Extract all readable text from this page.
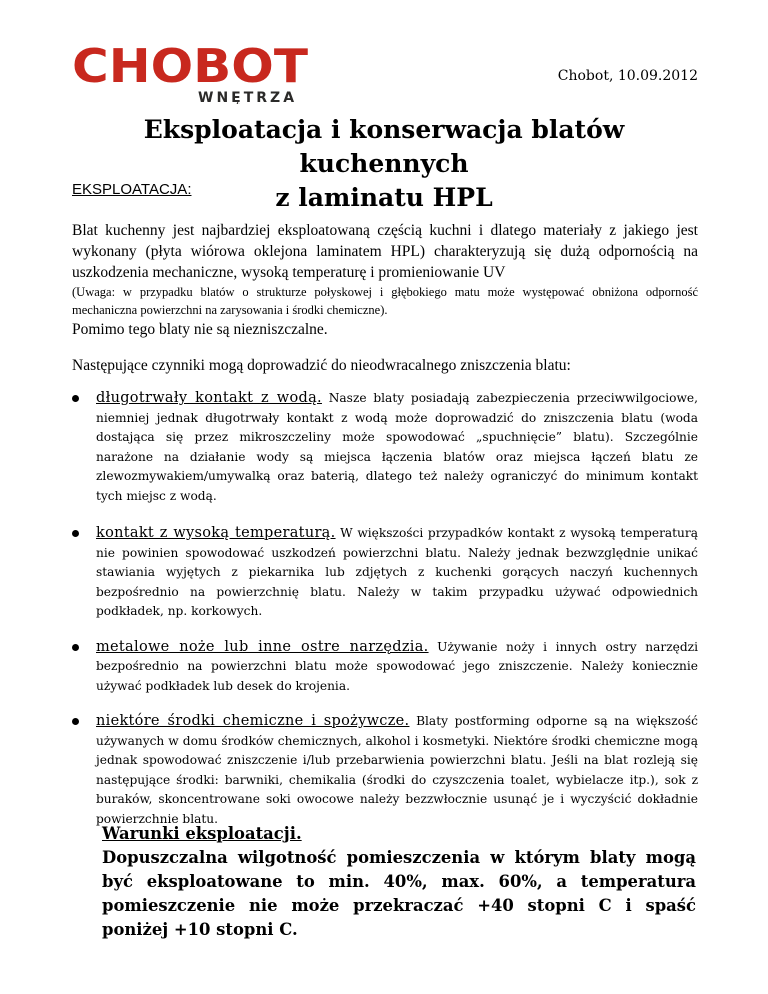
CHOBOT
WNĘTRZA
Chobot, 10.09.2012
Eksploatacja i konserwacja blatów kuchennych
z laminatu HPL
EKSPLOATACJA:
Blat kuchenny jest najbardziej eksploatowaną częścią kuchni i dlatego materiały z jakiego jest wykonany (płyta wiórowa oklejona laminatem HPL) charakteryzują się dużą odpornością na uszkodzenia mechaniczne, wysoką temperaturę i promieniowanie UV
(Uwaga: w przypadku blatów o strukturze połyskowej i głębokiego matu może występować obniżona odporność mechaniczna powierzchni na zarysowania i środki chemiczne).
Pomimo tego blaty nie są niezniszczalne.
Następujące czynniki mogą doprowadzić do nieodwracalnego zniszczenia blatu:
długotrwały kontakt z wodą. Nasze blaty posiadają zabezpieczenia przeciwwilgociowe, niemniej jednak długotrwały kontakt z wodą może doprowadzić do zniszczenia blatu (woda dostająca się przez mikroszczeliny może spowodować „spuchnięcie” blatu). Szczególnie narażone na działanie wody są miejsca łączenia blatów oraz miejsca łączeń blatu ze zlewozmywakiem/umywalką oraz baterią, dlatego też należy ograniczyć do minimum kontakt tych miejsc z wodą.
kontakt z wysoką temperaturą. W większości przypadków kontakt z wysoką temperaturą nie powinien spowodować uszkodzeń powierzchni blatu. Należy jednak bezwzględnie unikać stawiania wyjętych z piekarnika lub zdjętych z kuchenki gorących naczyń kuchennych bezpośrednio na powierzchnię blatu. Należy w takim przypadku używać odpowiednich podkładek, np. korkowych.
metalowe noże lub inne ostre narzędzia. Używanie noży i innych ostry narzędzi bezpośrednio na powierzchni blatu może spowodować jego zniszczenie. Należy koniecznie używać podkładek lub desek do krojenia.
niektóre środki chemiczne i spożywcze. Blaty postforming odporne są na większość używanych w domu środków chemicznych, alkohol i kosmetyki. Niektóre środki chemiczne mogą jednak spowodować zniszczenie i/lub przebarwienia powierzchni blatu. Jeśli na blat rozleją się następujące środki: barwniki, chemikalia (środki do czyszczenia toalet, wybielacze itp.), sok z buraków, skoncentrowane soki owocowe należy bezzwłocznie usunąć je i wyczyścić dokładnie powierzchnie blatu.
Warunki eksploatacji.
Dopuszczalna wilgotność pomieszczenia w którym blaty mogą być eksploatowane to min. 40%, max. 60%, a temperatura pomieszczenie nie może przekraczać +40 stopni C i spaść poniżej +10 stopni C.
